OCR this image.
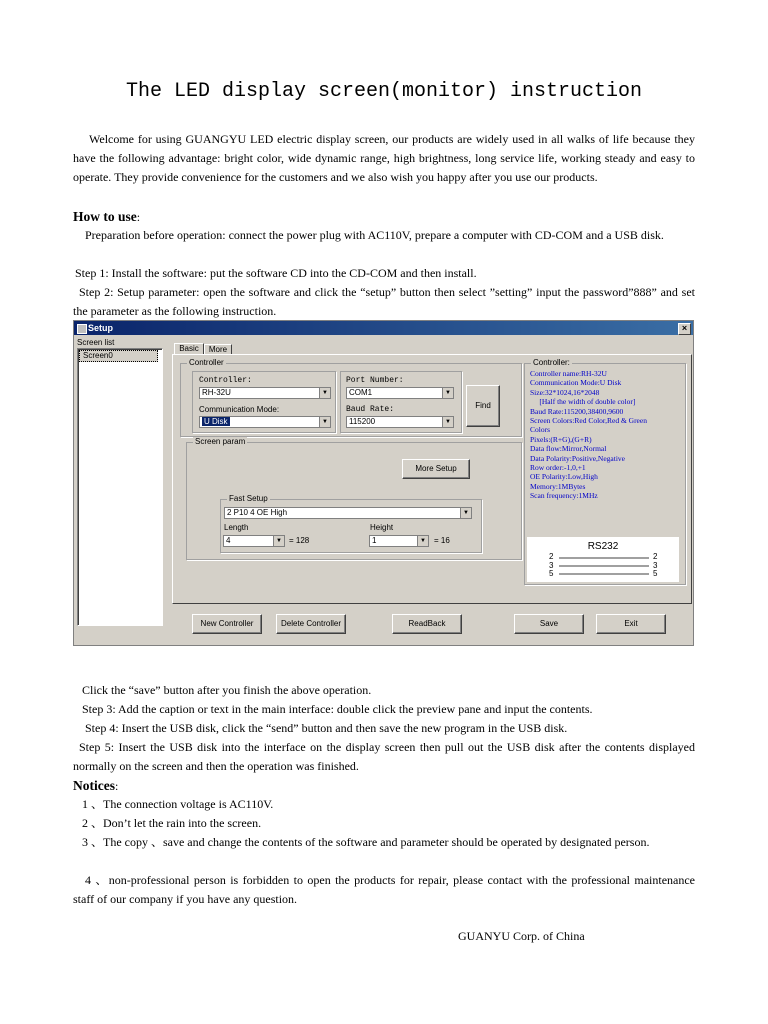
The LED display screen(monitor) instruction
Welcome for using GUANGYU LED electric display screen, our products are widely used in all walks of life because they have the following advantage: bright color, wide dynamic range, high brightness, long service life, working steady and easy to operate. They provide convenience for the customers and we also wish you happy after you use our products.
How to use:
Preparation before operation: connect the power plug with AC110V, prepare a computer with CD-COM and a USB disk.
Step 1: Install the software: put the software CD into the CD-COM and then install.
Step 2: Setup parameter: open the software and click the “setup” button then select ”setting” input the password”888” and set the parameter as the following instruction.
Setup	×
Screen list
Screen0
Basic	More
Controller
Controller:
RH-32U	▼
Communication Mode:
U Disk	▼
Port Number:
COM1	▼
Baud Rate:
115200	▼
Find
Screen param
More Setup
Fast Setup
2 P10 4 OE High	▼
Length
4	▼ = 128
Height
1	▼ = 16
Controller:
New Controller	Delete Controller	ReadBack	Save	Exit
Controller name:RH-32U
Communication Mode:U Disk
Size:32*1024,16*2048
[Half the width of double color]
Baud Rate:115200,38400,9600
Screen Colors:Red Color,Red & Green
Colors
Pixels:(R+G),(G+R)
Data flow:Mirror,Normal
Data Polarity:Positive,Negative
Row order:-1,0,+1
OE Polarity:Low,High
Memory:1MBytes
Scan frequency:1MHz
RS232
2
3
5
2
3
5
Click the “save” button after you finish the above operation.
Step 3: Add the caption or text in the main interface: double click the preview pane and input the contents.
Step 4: Insert the USB disk, click the “send” button and then save the new program in the USB disk.
Step 5: Insert the USB disk into the interface on the display screen then pull out the USB disk after the contents displayed normally on the screen and then the operation was finished.
Notices:
1 、The connection voltage is AC110V.
2 、Don’t let the rain into the screen.
3 、The copy 、save and change the contents of the software and parameter should be operated by designated person.
4 、non-professional person is forbidden to open the products for repair, please contact with the professional maintenance staff of our company if you have any question.
GUANYU Corp. of China
